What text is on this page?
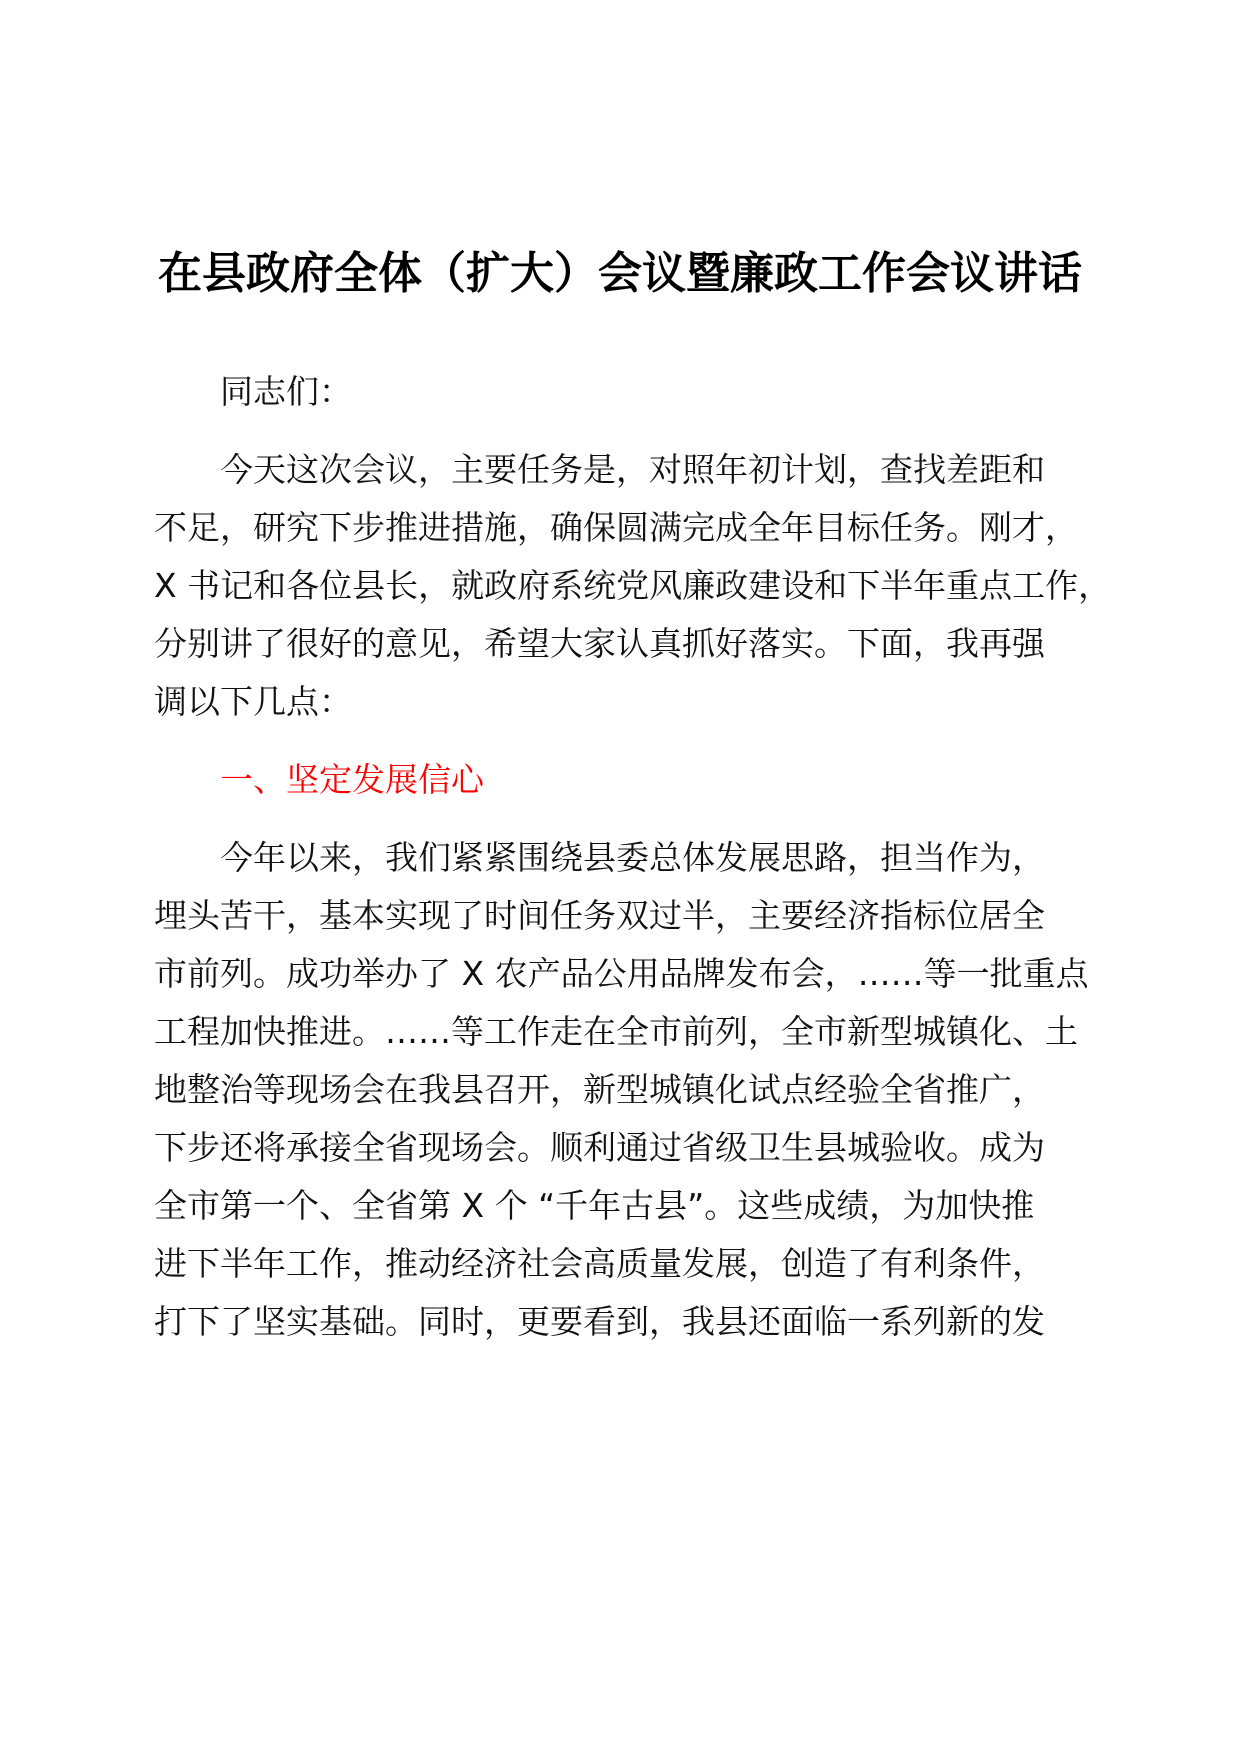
在县政府全体（扩大）会议暨廉政工作会议讲话

同志们：

今天这次会议，主要任务是，对照年初计划，查找差距和

不足，研究下步推进措施，确保圆满完成全年目标任务。刚才，

X 书记和各位县长，就政府系统党风廉政建设和下半年重点工作，

分别讲了很好的意见，希望大家认真抓好落实。下面，我再强

调以下几点：

一、坚定发展信心

今年以来，我们紧紧围绕县委总体发展思路，担当作为，

埋头苦干，基本实现了时间任务双过半，主要经济指标位居全

市前列。成功举办了 X 农产品公用品牌发布会，……等一批重点

工程加快推进。……等工作走在全市前列，全市新型城镇化、土

地整治等现场会在我县召开，新型城镇化试点经验全省推广，

下步还将承接全省现场会。顺利通过省级卫生县城验收。成为

全市第一个、全省第 X 个 “千年古县”。这些成绩，为加快推

进下半年工作，推动经济社会高质量发展，创造了有利条件，

打下了坚实基础。同时，更要看到，我县还面临一系列新的发
